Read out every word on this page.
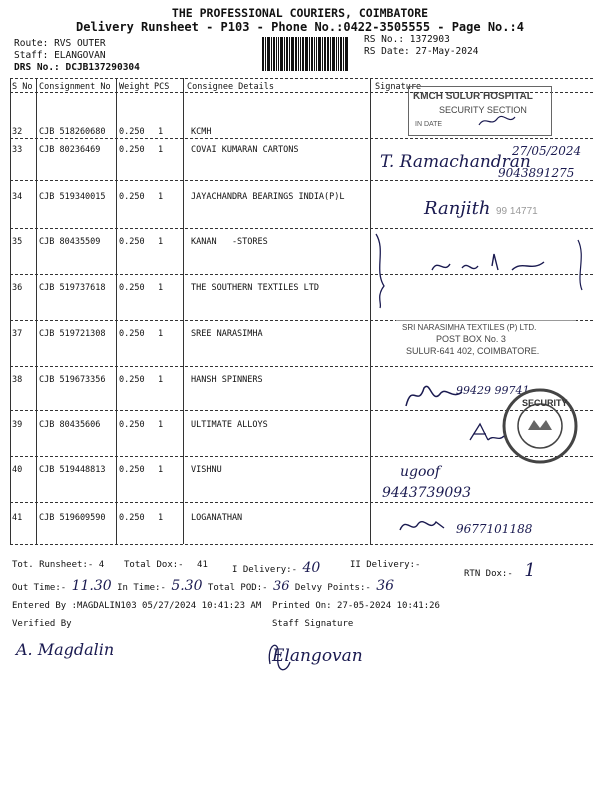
THE PROFESSIONAL COURIERS, COIMBATORE
Delivery Runsheet - P103 - Phone No.:0422-3505555 - Page No.:4
Route: RVS OUTER
Staff: ELANGOVAN
DRS No.: DCJB137290304
RS No.: 1372903
RS Date: 27-May-2024
S No Consignment No Weight PCS Consignee Details	Signature
32 CJB 518260680 0.250 1	KCMH
33 CJB 80236469 0.250 1	COVAI KUMARAN CARTONS
34 CJB 519340015 0.250 1	JAYACHANDRA BEARINGS INDIA(P)L
35 CJB 80435509 0.250 1	KANAN   -STORES
36 CJB 519737618 0.250 1	THE SOUTHERN TEXTILES LTD
37 CJB 519721308 0.250 1	SREE NARASIMHA
38 CJB 519673356 0.250 1	HANSH SPINNERS
39 CJB 80435606 0.250 1	ULTIMATE ALLOYS
40 CJB 519448813 0.250 1	VISHNU
41 CJB 519609590 0.250 1	LOGANATHAN
KMCH SULUR HOSPITAL
SECURITY SECTION
IN DATE
T. Ramachandran
27/05/2024
9043891275
Ranjith 99 14771
SRI NARASIMHA TEXTILES (P) LTD.
POST BOX No. 3
SULUR-641 402, COIMBATORE.
99429 99741
SECURITY
ugoof
9443739093
9677101188
Tot. Runsheet:- 4 Total Dox:- 41	I Delivery:- 40	II Delivery:-
RTN Dox:- 1
Out Time:- 11.30 In Time:- 5.30 Total POD:- 36 Delvy Points:- 36
Entered By :MAGDALIN103 05/27/2024 10:41:23 AM Printed On: 27-05-2024 10:41:26
Verified By	Staff Signature
A. Magdalin	Elangovan
